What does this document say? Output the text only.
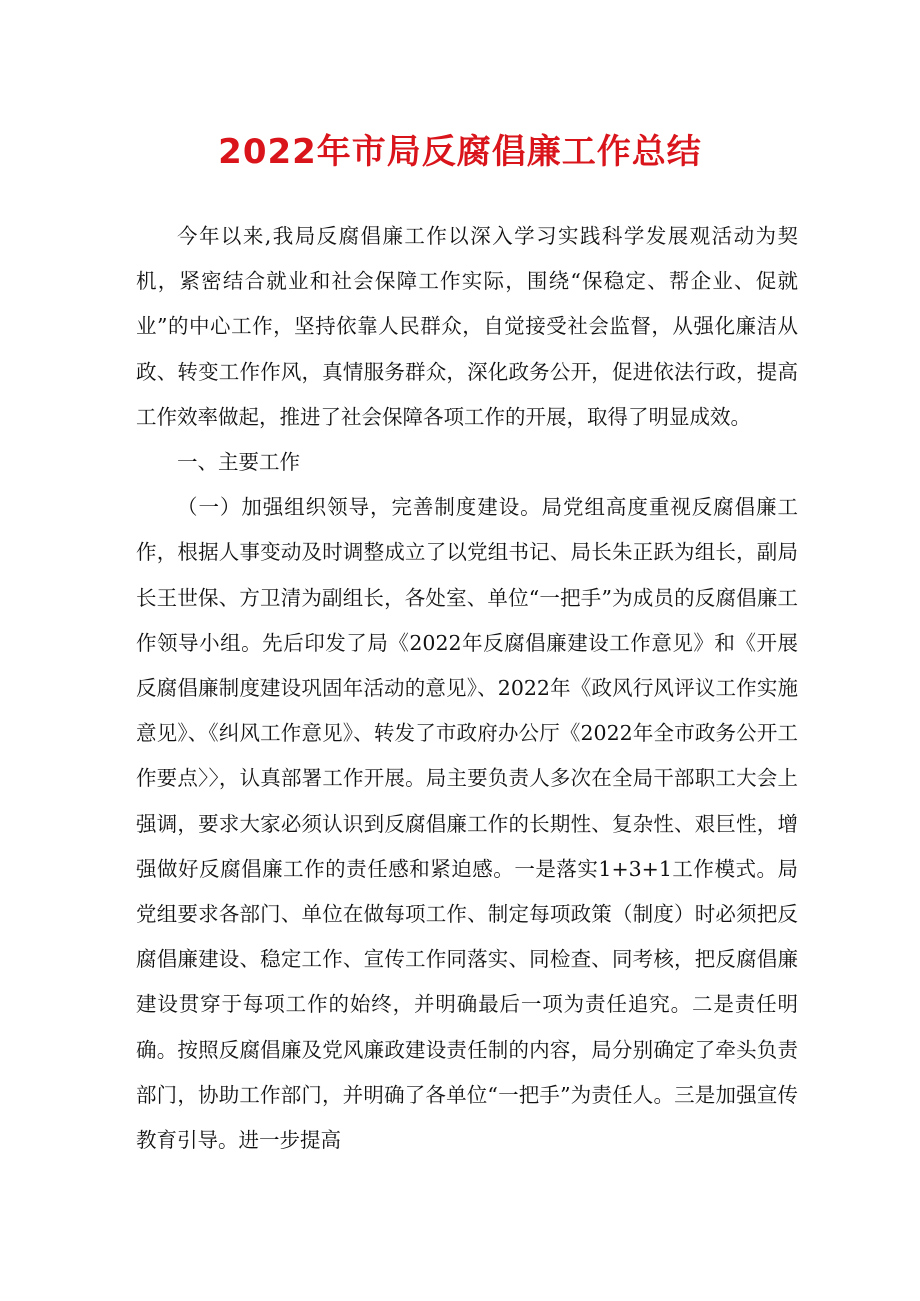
2022年市局反腐倡廉工作总结

今年以来,我局反腐倡廉工作以深入学习实践科学发展观活动为契机，紧密结合就业和社会保障工作实际，围绕“保稳定、帮企业、促就业”的中心工作，坚持依靠人民群众，自觉接受社会监督，从强化廉洁从政、转变工作作风，真情服务群众，深化政务公开，促进依法行政，提高工作效率做起，推进了社会保障各项工作的开展，取得了明显成效。

一、主要工作

（一）加强组织领导，完善制度建设。局党组高度重视反腐倡廉工作，根据人事变动及时调整成立了以党组书记、局长朱正跃为组长，副局长王世保、方卫清为副组长，各处室、单位“一把手”为成员的反腐倡廉工作领导小组。先后印发了局《2022年反腐倡廉建设工作意见》和《开展反腐倡廉制度建设巩固年活动的意见》、2022年《政风行风评议工作实施意见》、《纠风工作意见》、转发了市政府办公厅《2022年全市政务公开工作要点〉〉，认真部署工作开展。局主要负责人多次在全局干部职工大会上强调，要求大家必须认识到反腐倡廉工作的长期性、复杂性、艰巨性，增强做好反腐倡廉工作的责任感和紧迫感。一是落实1+3+1工作模式。局党组要求各部门、单位在做每项工作、制定每项政策（制度）时必须把反腐倡廉建设、稳定工作、宣传工作同落实、同检查、同考核，把反腐倡廉建设贯穿于每项工作的始终，并明确最后一项为责任追究。二是责任明确。按照反腐倡廉及党风廉政建设责任制的内容，局分别确定了牵头负责部门，协助工作部门，并明确了各单位“一把手”为责任人。三是加强宣传教育引导。进一步提高
